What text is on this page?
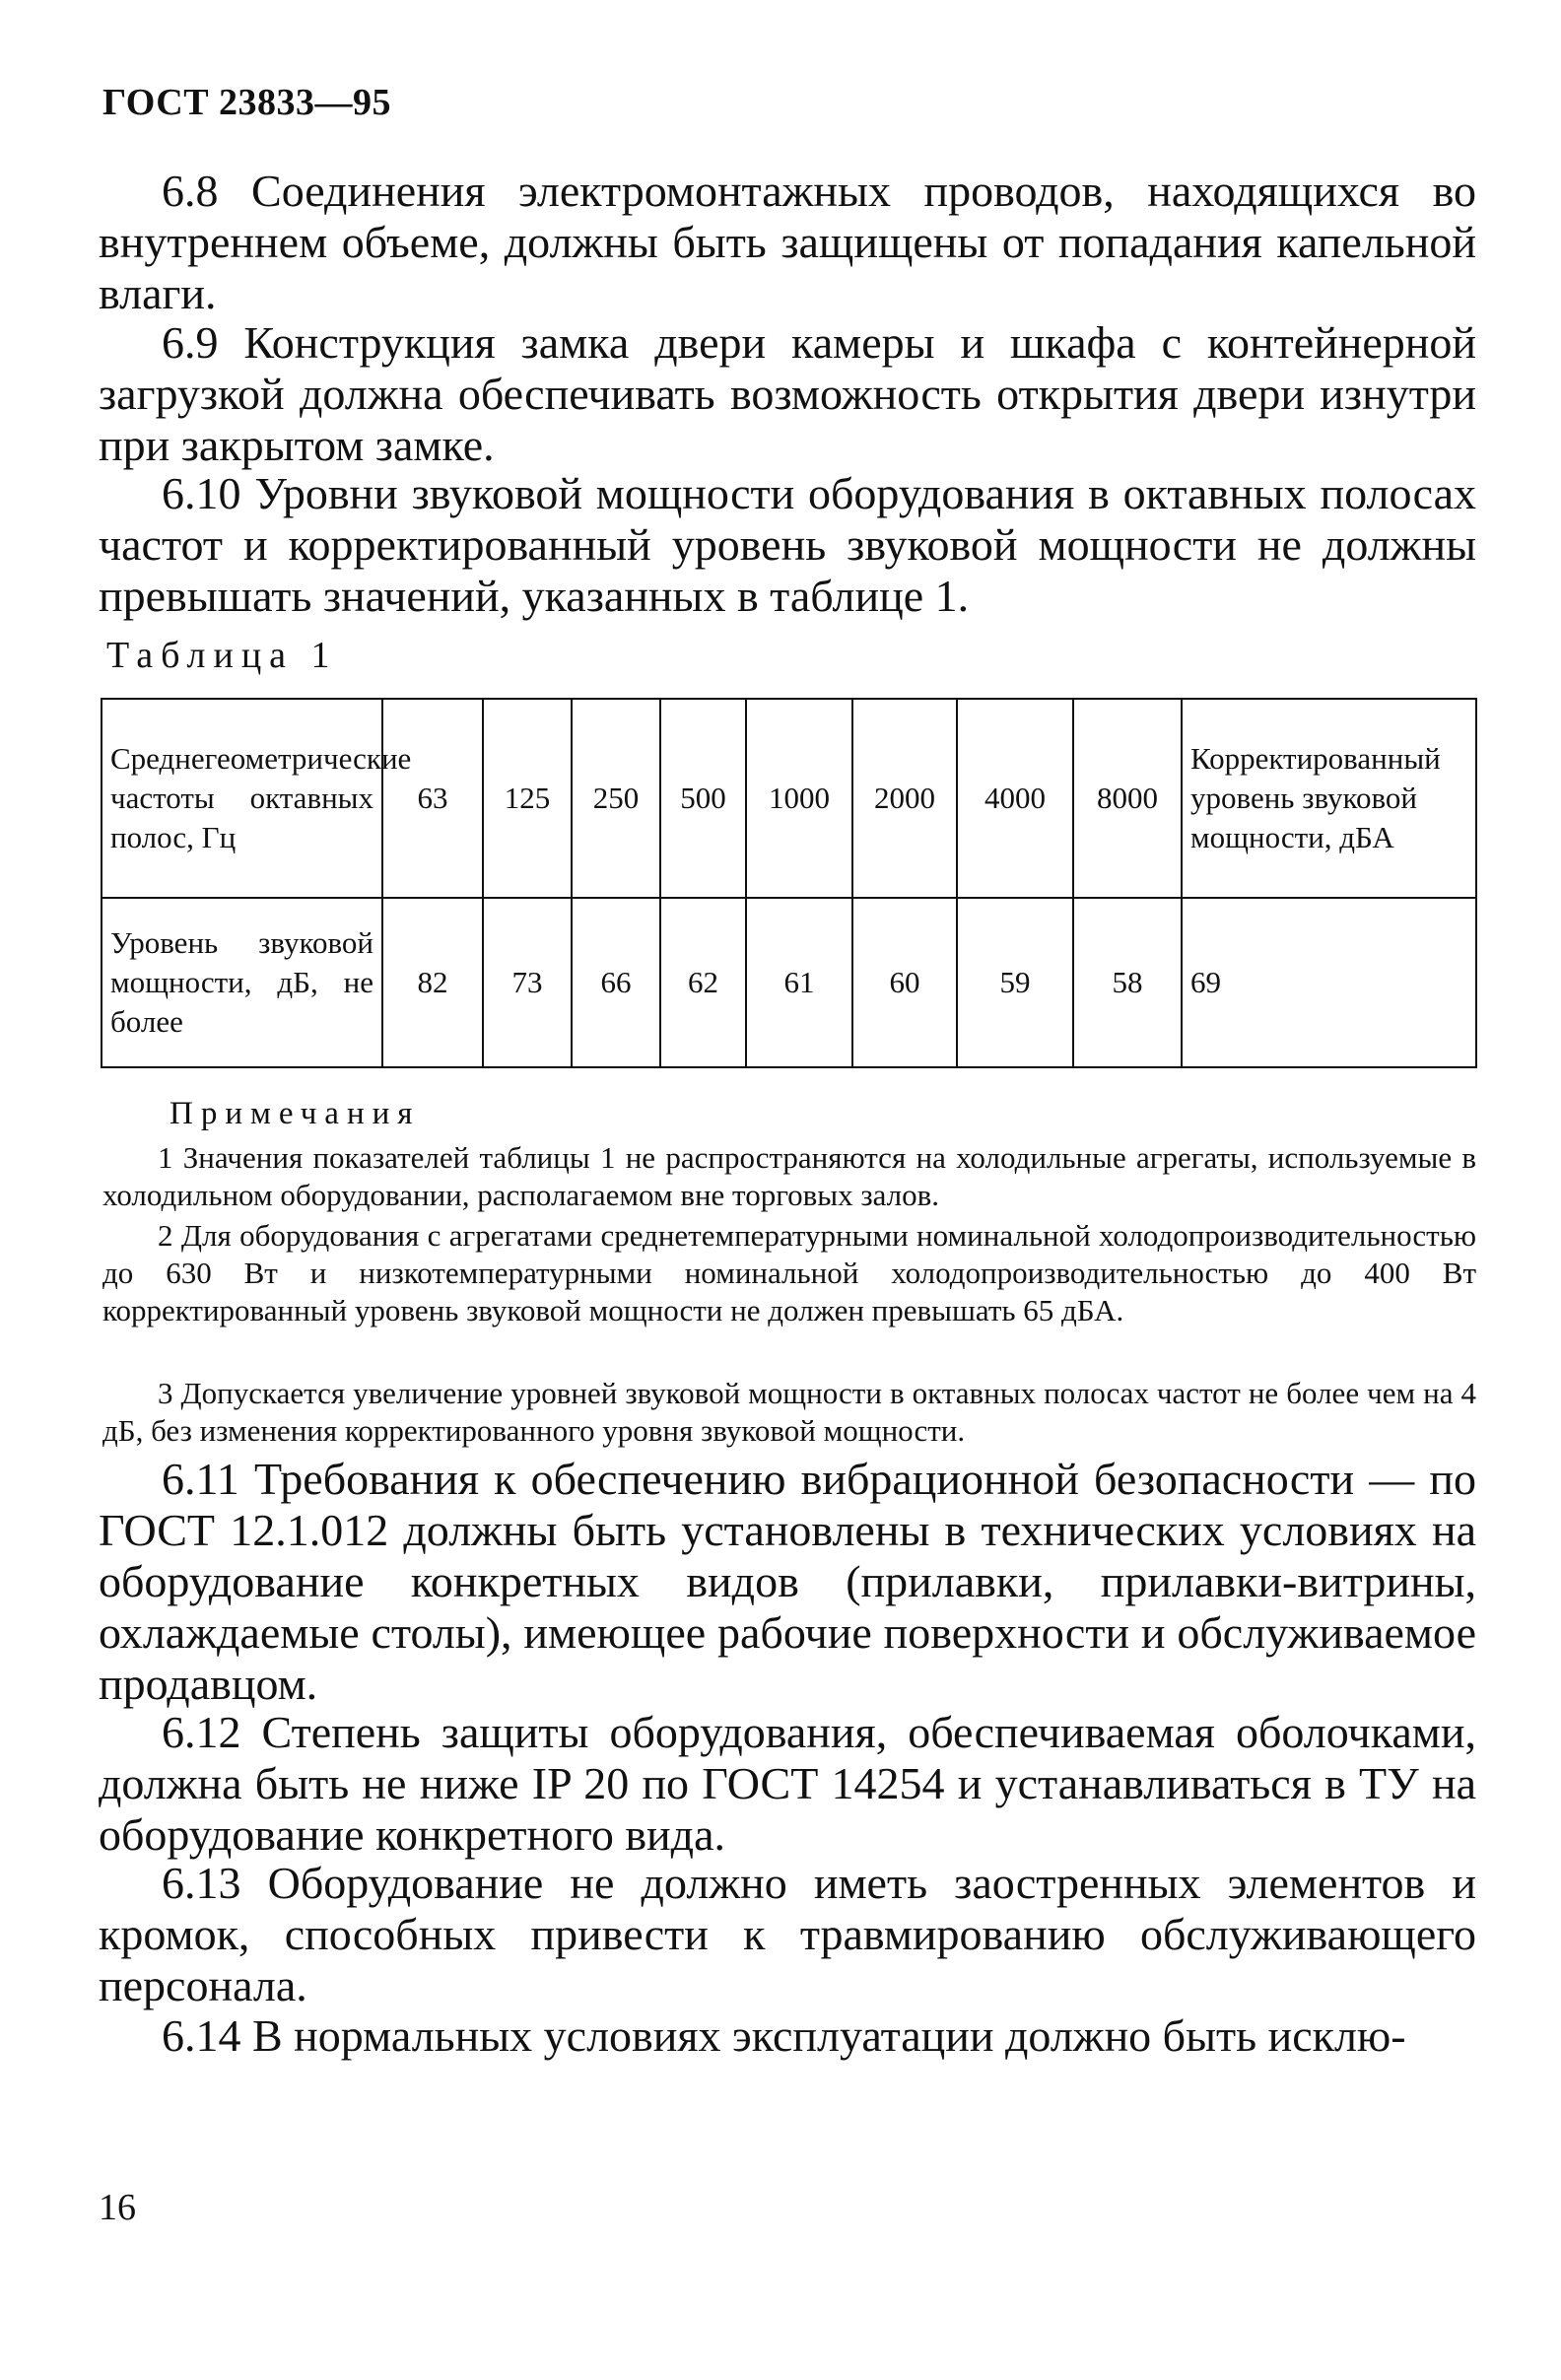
ГОСТ 23833—95

6.8 Соединения электромонтажных проводов, находящихся во внутреннем объеме, должны быть защищены от попадания капельной влаги.

6.9 Конструкция замка двери камеры и шкафа с контейнерной загрузкой должна обеспечивать возможность открытия двери изнутри при закрытом замке.

6.10 Уровни звуковой мощности оборудования в октавных полосах частот и корректированный уровень звуковой мощности не должны превышать значений, указанных в таблице 1.

Таблица 1
Среднегеометрические частоты октавных полос, Гц	63	125	250	500	1000	2000	4000	8000	Корректированный уровень звуковой мощности, дБА
Уровень звуковой мощности, дБ, не более	82	73	66	62	61	60	59	58	69
Примечания

1 Значения показателей таблицы 1 не распространяются на холодильные агрегаты, используемые в холодильном оборудовании, располагаемом вне торговых залов.

2 Для оборудования с агрегатами среднетемпературными номинальной холодопроизводительностью до 630 Вт и низкотемпературными номинальной холодопроизводительностью до 400 Вт корректированный уровень звуковой мощности не должен превышать 65 дБА.

3 Допускается увеличение уровней звуковой мощности в октавных полосах частот не более чем на 4 дБ, без изменения корректированного уровня звуковой мощности.

6.11 Требования к обеспечению вибрационной безопасности — по ГОСТ 12.1.012 должны быть установлены в технических условиях на оборудование конкретных видов (прилавки, прилавки-витрины, охлаждаемые столы), имеющее рабочие поверхности и обслуживаемое продавцом.

6.12 Степень защиты оборудования, обеспечиваемая оболочками, должна быть не ниже IP 20 по ГОСТ 14254 и устанавливаться в ТУ на оборудование конкретного вида.

6.13 Оборудование не должно иметь заостренных элементов и кромок, способных привести к травмированию обслуживающего персонала.

6.14 В нормальных условиях эксплуатации должно быть исклю-

16
